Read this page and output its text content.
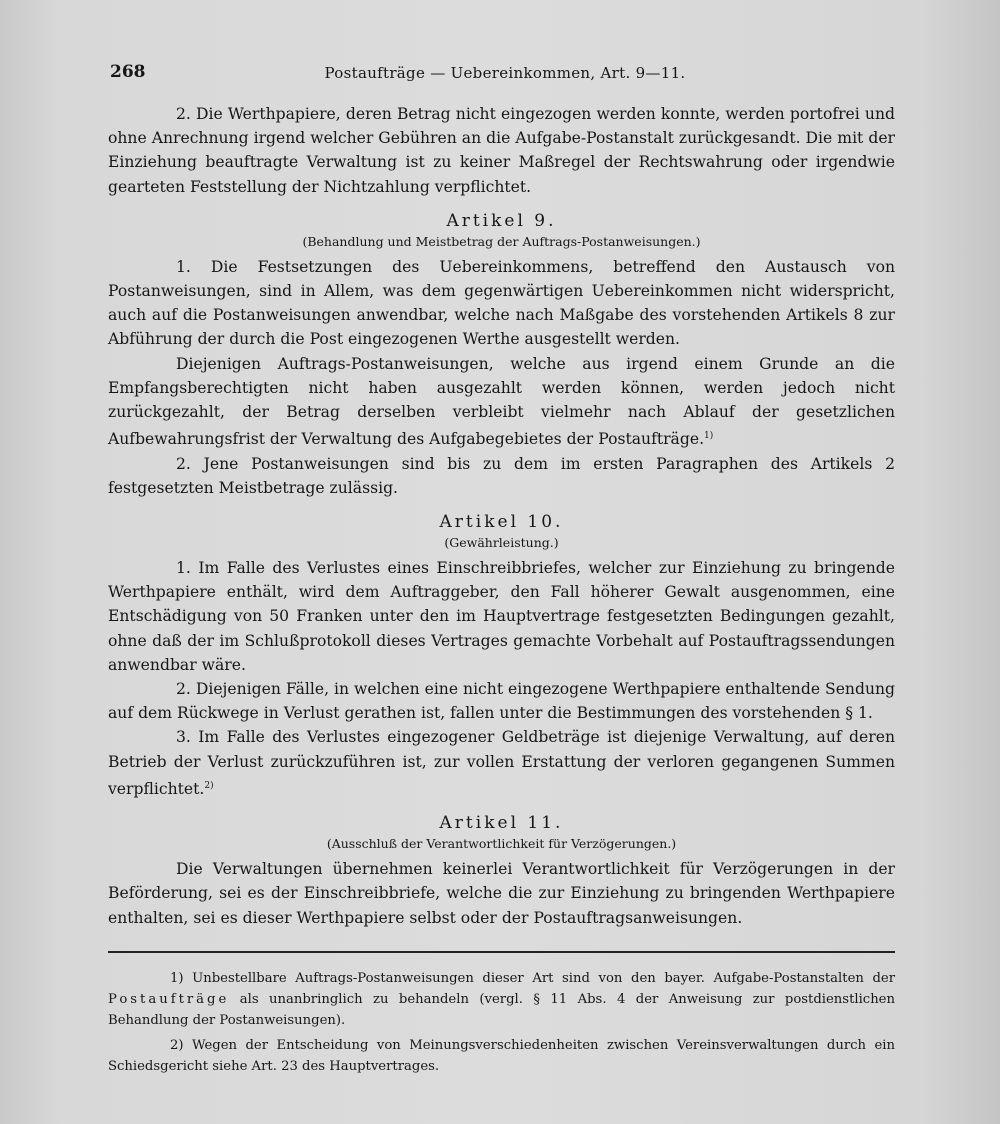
268	Postaufträge — Uebereinkommen, Art. 9—11.

2. Die Werthpapiere, deren Betrag nicht eingezogen werden konnte, werden portofrei und ohne Anrechnung irgend welcher Gebühren an die Aufgabe-Postanstalt zurückgesandt. Die mit der Einziehung beauftragte Verwaltung ist zu keiner Maßregel der Rechtswahrung oder irgendwie gearteten Feststellung der Nichtzahlung verpflichtet.

Artikel 9.
(Behandlung und Meistbetrag der Auftrags-Postanweisungen.)

1. Die Festsetzungen des Uebereinkommens, betreffend den Austausch von Postanweisungen, sind in Allem, was dem gegenwärtigen Uebereinkommen nicht widerspricht, auch auf die Postanweisungen anwendbar, welche nach Maßgabe des vorstehenden Artikels 8 zur Abführung der durch die Post eingezogenen Werthe ausgestellt werden.

Diejenigen Auftrags-Postanweisungen, welche aus irgend einem Grunde an die Empfangsberechtigten nicht haben ausgezahlt werden können, werden jedoch nicht zurückgezahlt, der Betrag derselben verbleibt vielmehr nach Ablauf der gesetzlichen Aufbewahrungsfrist der Verwaltung des Aufgabegebietes der Postaufträge.$^{1)}$

2. Jene Postanweisungen sind bis zu dem im ersten Paragraphen des Artikels 2 festgesetzten Meistbetrage zulässig.

Artikel 10.
(Gewährleistung.)

1. Im Falle des Verlustes eines Einschreibbriefes, welcher zur Einziehung zu bringende Werthpapiere enthält, wird dem Auftraggeber, den Fall höherer Gewalt ausgenommen, eine Entschädigung von 50 Franken unter den im Hauptvertrage festgesetzten Bedingungen gezahlt, ohne daß der im Schlußprotokoll dieses Vertrages gemachte Vorbehalt auf Postauftragssendungen anwendbar wäre.

2. Diejenigen Fälle, in welchen eine nicht eingezogene Werthpapiere enthaltende Sendung auf dem Rückwege in Verlust gerathen ist, fallen unter die Bestimmungen des vorstehenden § 1.

3. Im Falle des Verlustes eingezogener Geldbeträge ist diejenige Verwaltung, auf deren Betrieb der Verlust zurückzuführen ist, zur vollen Erstattung der verloren gegangenen Summen verpflichtet.$^{2)}$

Artikel 11.
(Ausschluß der Verantwortlichkeit für Verzögerungen.)

Die Verwaltungen übernehmen keinerlei Verantwortlichkeit für Verzögerungen in der Beförderung, sei es der Einschreibbriefe, welche die zur Einziehung zu bringenden Werthpapiere enthalten, sei es dieser Werthpapiere selbst oder der Postauftragsanweisungen.

1) Unbestellbare Auftrags-Postanweisungen dieser Art sind von den bayer. Aufgabe-Postanstalten der Postaufträge als unanbringlich zu behandeln (vergl. § 11 Abs. 4 der Anweisung zur postdienstlichen Behandlung der Postanweisungen).

2) Wegen der Entscheidung von Meinungsverschiedenheiten zwischen Vereinsverwaltungen durch ein Schiedsgericht siehe Art. 23 des Hauptvertrages.
